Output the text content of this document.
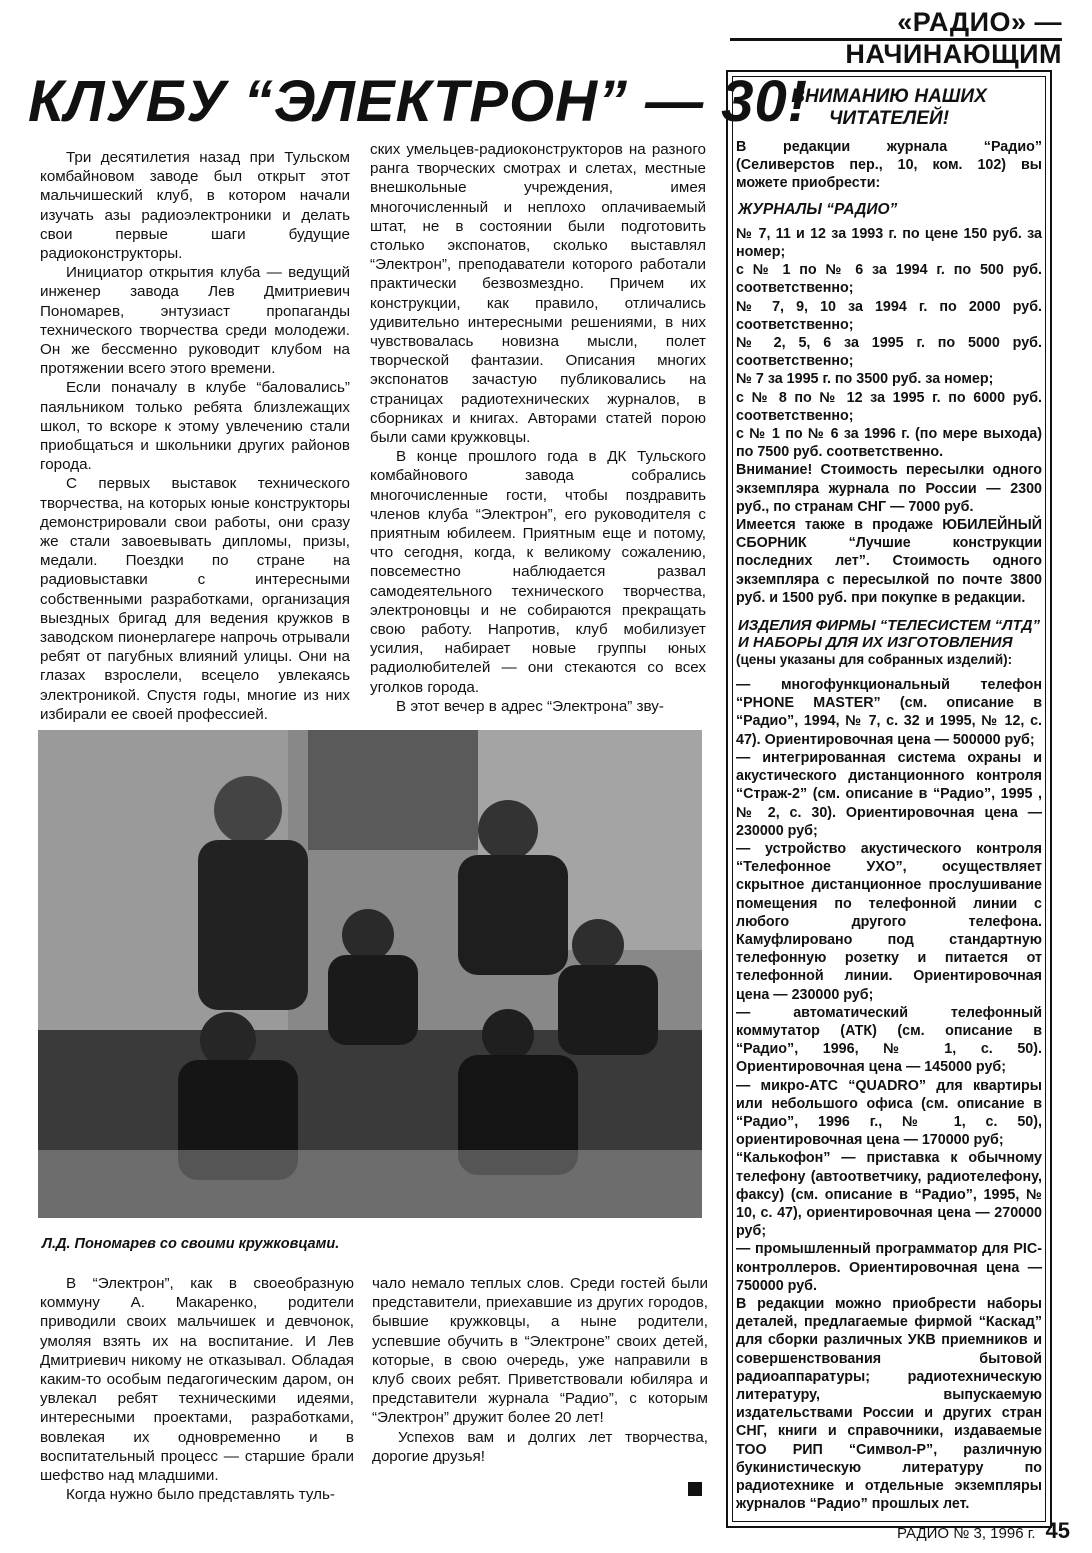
«РАДИО» — НАЧИНАЮЩИМ
КЛУБУ “ЭЛЕКТРОН” — 30!

Три десятилетия назад при Тульском комбайновом заводе был открыт этот мальчишеский клуб, в котором начали изучать азы радиоэлектроники и делать свои первые шаги будущие радиоконструкторы.

Инициатор открытия клуба — ведущий инженер завода Лев Дмитриевич Пономарев, энтузиаст пропаганды технического творчества среди молодежи. Он же бессменно руководит клубом на протяжении всего этого времени.

Если поначалу в клубе “баловались” паяльником только ребята близлежащих школ, то вскоре к этому увлечению стали приобщаться и школьники других районов города.

С первых выставок технического творчества, на которых юные конструкторы демонстрировали свои работы, они сразу же стали завоевывать дипломы, призы, медали. Поездки по стране на радиовыставки с интересными собственными разработками, организация выездных бригад для ведения кружков в заводском пионерлагере напрочь отрывали ребят от пагубных влияний улицы. Они на глазах взрослели, всецело увлекаясь электроникой. Спустя годы, многие из них избирали ее своей профессией.

ских умельцев-радиоконструкторов на разного ранга творческих смотрах и слетах, местные внешкольные учреждения, имея многочисленный и неплохо оплачиваемый штат, не в состоянии были подготовить столько экспонатов, сколько выставлял “Электрон”, преподаватели которого работали практически безвозмездно. Причем их конструкции, как правило, отличались удивительно интересными решениями, в них чувствовалась новизна мысли, полет творческой фантазии. Описания многих экспонатов зачастую публиковались на страницах радиотехнических журналов, в сборниках и книгах. Авторами статей порою были сами кружковцы.

В конце прошлого года в ДК Тульского комбайнового завода собрались многочисленные гости, чтобы поздравить членов клуба “Электрон”, его руководителя с приятным юбилеем. Приятным еще и потому, что сегодня, когда, к великому сожалению, повсеместно наблюдается развал самодеятельного технического творчества, электроновцы и не собираются прекращать свою работу. Напротив, клуб мобилизует усилия, набирает новые группы юных радиолюбителей — они стекаются со всех уголков города.

В этот вечер в адрес “Электрона” зву-

Л.Д. Пономарев со своими кружковцами.

В “Электрон”, как в своеобразную коммуну А. Макаренко, родители приводили своих мальчишек и девчонок, умоляя взять их на воспитание. И Лев Дмитриевич никому не отказывал. Обладая каким-то особым педагогическим даром, он увлекал ребят техническими идеями, интересными проектами, разработками, вовлекая их одновременно и в воспитательный процесс — старшие брали шефство над младшими.

Когда нужно было представлять туль-

чало немало теплых слов. Среди гостей были представители, приехавшие из других городов, бывшие кружковцы, а ныне родители, успевшие обучить в “Электроне” своих детей, которые, в свою очередь, уже направили в клуб своих ребят. Приветствовали юбиляра и представители журнала “Радио”, с которым “Электрон” дружит более 20 лет!

Успехов вам и долгих лет творчества, дорогие друзья!

ВНИМАНИЮ НАШИХ ЧИТАТЕЛЕЙ!

В редакции журнала “Радио” (Селиверстов пер., 10, ком. 102) вы можете приобрести:

ЖУРНАЛЫ “РАДИО”

№ 7, 11 и 12 за 1993 г. по цене 150 руб. за номер;

с № 1 по № 6 за 1994 г. по 500 руб. соответственно;

№ 7, 9, 10 за 1994 г. по 2000 руб. соответственно;

№ 2, 5, 6 за 1995 г. по 5000 руб. соответственно;

№ 7 за 1995 г. по 3500 руб. за номер;

с № 8 по № 12 за 1995 г. по 6000 руб. соответственно;

с № 1 по № 6 за 1996 г. (по мере выхода) по 7500 руб. соответственно.

Внимание! Стоимость пересылки одного экземпляра журнала по России — 2300 руб., по странам СНГ — 7000 руб.

Имеется также в продаже ЮБИЛЕЙНЫЙ СБОРНИК “Лучшие конструкции последних лет”. Стоимость одного экземпляра с пересылкой по почте 3800 руб. и 1500 руб. при покупке в редакции.

ИЗДЕЛИЯ ФИРМЫ “ТЕЛЕСИСТЕМ “ЛТД” И НАБОРЫ ДЛЯ ИХ ИЗГОТОВЛЕНИЯ

(цены указаны для собранных изделий):

— многофункциональный телефон “PHONE MASTER” (см. описание в “Радио”, 1994, № 7, с. 32 и 1995, № 12, с. 47). Ориентировочная цена — 500000 руб;

— интегрированная система охраны и акустического дистанционного контроля “Страж-2” (см. описание в “Радио”, 1995 , № 2, с. 30). Ориентировочная цена — 230000 руб;

— устройство акустического контроля “Телефонное УХО”, осуществляет скрытное дистанционное прослушивание помещения по телефонной линии с любого другого телефона. Камуфлировано под стандартную телефонную розетку и питается от телефонной линии. Ориентировочная цена — 230000 руб;

— автоматический телефонный коммутатор (АТК) (см. описание в “Радио”, 1996, № 1, с. 50). Ориентировочная цена — 145000 руб;

— микро-АТС “QUADRO” для квартиры или небольшого офиса (см. описание в “Радио”, 1996 г., № 1, с. 50), ориентировочная цена — 170000 руб;

“Калькофон” — приставка к обычному телефону (автоответчику, радиотелефону, факсу) (см. описание в “Радио”, 1995, № 10, с. 47), ориентировочная цена — 270000 руб;

— промышленный программатор для PIC-контроллеров. Ориентировочная цена — 750000 руб.

В редакции можно приобрести наборы деталей, предлагаемые фирмой “Каскад” для сборки различных УКВ приемников и совершенствования бытовой радиоаппаратуры; радиотехническую литературу, выпускаемую издательствами России и других стран СНГ, книги и справочники, издаваемые ТОО РИП “Символ-Р”, различную букинистическую литературу по радиотехнике и отдельные экземпляры журналов “Радио” прошлых лет.

РАДИО № 3, 1996 г. 45
